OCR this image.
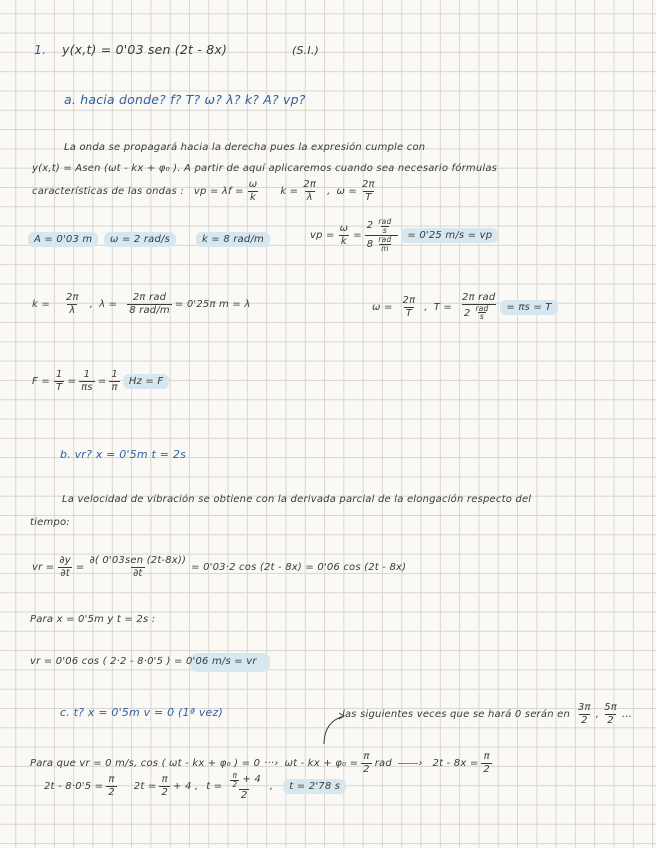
1. y(x,t) = 0'03 sen (2t - 8x)	(S.I.)
a. hacia donde? f? T? ω? λ? k? A? vp?
La onda se propagará hacia la derecha pues la expresión cumple con
y(x,t) = Asen (ωt - kx + φ₀ ). A partir de aquí aplicaremos cuando sea necesario fórmulas
características de las ondas : vp = $\lambda f = \frac{\omega}{k}$ $k = \frac{2\pi}{\lambda}$ , $\omega = \frac{2\pi}{T}$
A = 0'03 m	ω = 2 rad/s	k = 8 rad/m	vp = $\frac{\omega}{k} = \frac{2 \frac{\text{rad}}{s}}{8 \frac{\text{rad}}{m}} = 0'25$ m/s = vp
$k = \frac{2\pi}{\lambda}$ , $\lambda = \frac{\text{2π rad}}{\text{8 rad/m}} = 0'25\pi$ m = λ	$\omega = \frac{2\pi}{T}$ , $T = \frac{\text{2π rad}}{2 \frac{\text{rad}}{s}} = \pi s = T$
$F = \frac{1}{T} = \frac{1}{\pi s} = \frac{1}{\pi}$ Hz = F
b. vr? x = 0'5m t = 2s
La velocidad de vibración se obtiene con la derivada parcial de la elongación respecto del
tiempo:
vr = $\frac{\partial y}{\partial t} = \frac{\text{∂( 0'03sen (2t-8x))}}{\partial t} = 0'03\cdot 2$ cos (2t - 8x) = 0'06 cos (2t - 8x)
Para x = 0'5m y t = 2s :
vr = 0'06 cos ( 2·2 - 8·0'5 ) = 0'06 m/s = vr
c. t? x = 0'5m v = 0 (1ª vez)	las siguientes veces que se hará 0 serán en $\frac{3\pi}{2}$ , $\frac{5\pi}{2}$ ...
Para que vr = 0 m/s, cos ( ωt - kx + φ₀ ) = 0 ···› ωt - kx + $\varphi_0 = \frac{\pi}{2}$ rad ――› $2t - 8x = \frac{\pi}{2}$
$2t - 8\cdot 0'5 = \frac{\pi}{2} 2t = \frac{\pi}{2} + 4$ , $t = \frac{\frac{\pi}{2} + 4}{2}$ ,	t = 2'78 s
